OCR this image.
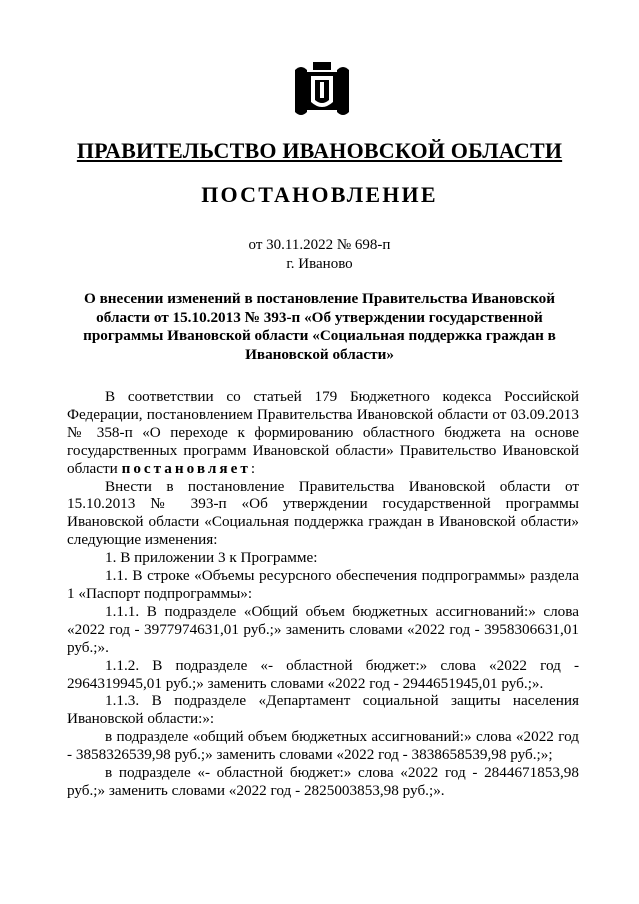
ПРАВИТЕЛЬСТВО ИВАНОВСКОЙ ОБЛАСТИ
ПОСТАНОВЛЕНИЕ
от 30.11.2022 № 698-п
г. Иваново
О внесении изменений в постановление Правительства Ивановской области от 15.10.2013 № 393-п «Об утверждении государственной программы Ивановской области «Социальная поддержка граждан в Ивановской области»

В соответствии со статьей 179 Бюджетного кодекса Российской Федерации, постановлением Правительства Ивановской области от 03.09.2013 № 358-п «О переходе к формированию областного бюджета на основе государственных программ Ивановской области» Правительство Ивановской области постановляет:

Внести в постановление Правительства Ивановской области от 15.10.2013 № 393-п «Об утверждении государственной программы Ивановской области «Социальная поддержка граждан в Ивановской области» следующие изменения:

1. В приложении 3 к Программе:

1.1. В строке «Объемы ресурсного обеспечения подпрограммы» раздела 1 «Паспорт подпрограммы»:

1.1.1. В подразделе «Общий объем бюджетных ассигнований:» слова «2022 год - 3977974631,01 руб.;» заменить словами «2022 год - 3958306631,01 руб.;».

1.1.2. В подразделе «- областной бюджет:» слова «2022 год - 2964319945,01 руб.;» заменить словами «2022 год - 2944651945,01 руб.;».

1.1.3. В подразделе «Департамент социальной защиты населения Ивановской области:»:

в подразделе «общий объем бюджетных ассигнований:» слова «2022 год - 3858326539,98 руб.;» заменить словами «2022 год - 3838658539,98 руб.;»;

в подразделе «- областной бюджет:» слова «2022 год - 2844671853,98 руб.;» заменить словами «2022 год - 2825003853,98 руб.;».
